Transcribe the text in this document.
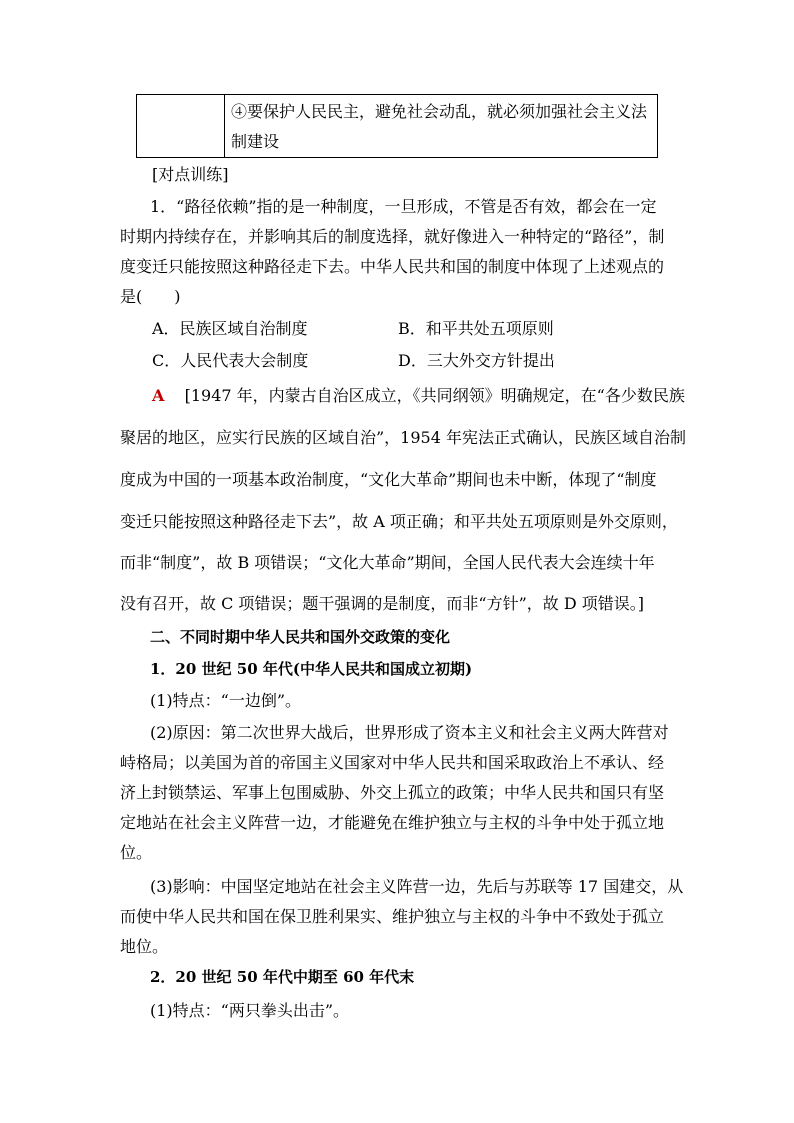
④要保护人民民主，避免社会动乱，就必须加强社会主义法
制建设
[对点训练]
1．“路径依赖”指的是一种制度，一旦形成，不管是否有效，都会在一定
时期内持续存在，并影响其后的制度选择，就好像进入一种特定的“路径”，制
度变迁只能按照这种路径走下去。中华人民共和国的制度中体现了上述观点的
是(　　)
A．民族区域自治制度	B．和平共处五项原则
C．人民代表大会制度	D．三大外交方针提出
A [1947 年，内蒙古自治区成立，《共同纲领》明确规定，在“各少数民族
聚居的地区，应实行民族的区域自治”，1954 年宪法正式确认，民族区域自治制
度成为中国的一项基本政治制度，“文化大革命”期间也未中断，体现了“制度
变迁只能按照这种路径走下去”，故 A 项正确；和平共处五项原则是外交原则，
而非“制度”，故 B 项错误；“文化大革命”期间，全国人民代表大会连续十年
没有召开，故 C 项错误；题干强调的是制度，而非“方针”，故 D 项错误。]
二、不同时期中华人民共和国外交政策的变化
1．20 世纪 50 年代(中华人民共和国成立初期)
(1)特点：“一边倒”。
(2)原因：第二次世界大战后，世界形成了资本主义和社会主义两大阵营对
峙格局；以美国为首的帝国主义国家对中华人民共和国采取政治上不承认、经
济上封锁禁运、军事上包围威胁、外交上孤立的政策；中华人民共和国只有坚
定地站在社会主义阵营一边，才能避免在维护独立与主权的斗争中处于孤立地
位。
(3)影响：中国坚定地站在社会主义阵营一边，先后与苏联等 17 国建交，从
而使中华人民共和国在保卫胜利果实、维护独立与主权的斗争中不致处于孤立
地位。
2．20 世纪 50 年代中期至 60 年代末
(1)特点：“两只拳头出击”。
